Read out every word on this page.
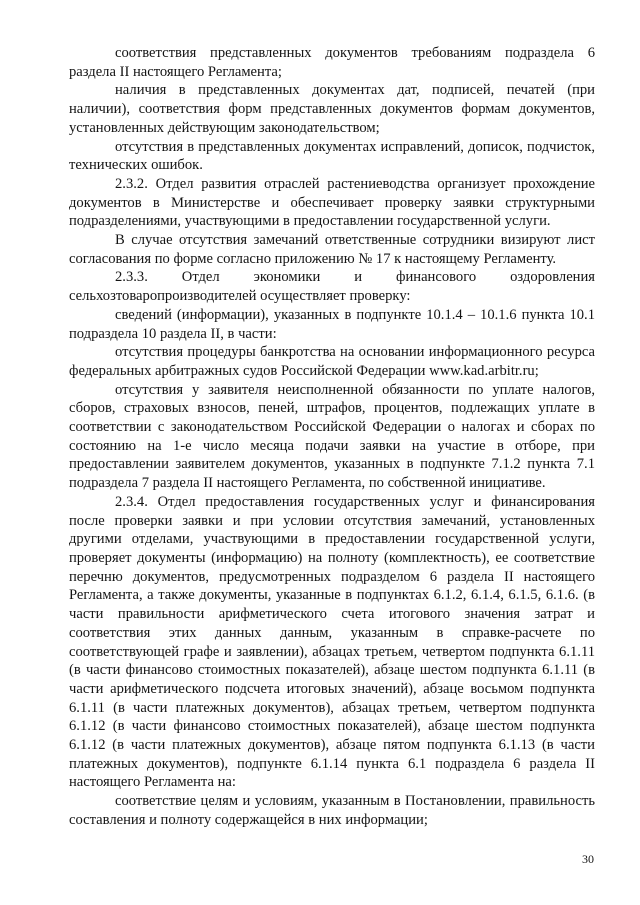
соответствия представленных документов требованиям подраздела 6 раздела II настоящего Регламента;

наличия в представленных документах дат, подписей, печатей (при наличии), соответствия форм представленных документов формам документов, установленных действующим законодательством;

отсутствия в представленных документах исправлений, дописок, подчисток, технических ошибок.

2.3.2. Отдел развития отраслей растениеводства организует прохождение документов в Министерстве и обеспечивает проверку заявки структурными подразделениями, участвующими в предоставлении государственной услуги.

В случае отсутствия замечаний ответственные сотрудники визируют лист согласования по форме согласно приложению № 17 к настоящему Регламенту.

2.3.3. Отдел экономики и финансового оздоровления сельхозтоваропроизводителей осуществляет проверку:

сведений (информации), указанных в подпункте 10.1.4 – 10.1.6 пункта 10.1 подраздела 10 раздела II, в части:

отсутствия процедуры банкротства на основании информационного ресурса федеральных арбитражных судов Российской Федерации www.kad.arbitr.ru;

отсутствия у заявителя неисполненной обязанности по уплате налогов, сборов, страховых взносов, пеней, штрафов, процентов, подлежащих уплате в соответствии с законодательством Российской Федерации о налогах и сборах по состоянию на 1-е число месяца подачи заявки на участие в отборе, при предоставлении заявителем документов, указанных в подпункте 7.1.2 пункта 7.1 подраздела 7 раздела II настоящего Регламента, по собственной инициативе.

2.3.4. Отдел предоставления государственных услуг и финансирования после проверки заявки и при условии отсутствия замечаний, установленных другими отделами, участвующими в предоставлении государственной услуги, проверяет документы (информацию) на полноту (комплектность), ее соответствие перечню документов, предусмотренных подразделом 6 раздела II настоящего Регламента, а также документы, указанные в подпунктах 6.1.2, 6.1.4, 6.1.5, 6.1.6. (в части правильности арифметического счета итогового значения затрат и соответствия этих данных данным, указанным в справке-расчете по соответствующей графе и заявлении), абзацах третьем, четвертом подпункта 6.1.11 (в части финансово стоимостных показателей), абзаце шестом подпункта 6.1.11 (в части арифметического подсчета итоговых значений), абзаце восьмом подпункта 6.1.11 (в части платежных документов), абзацах третьем, четвертом подпункта 6.1.12 (в части финансово стоимостных показателей), абзаце шестом подпункта 6.1.12 (в части платежных документов), абзаце пятом подпункта 6.1.13 (в части платежных документов), подпункте 6.1.14 пункта 6.1 подраздела 6 раздела II настоящего Регламента на:

соответствие целям и условиям, указанным в Постановлении, правильность составления и полноту содержащейся в них информации;

30
